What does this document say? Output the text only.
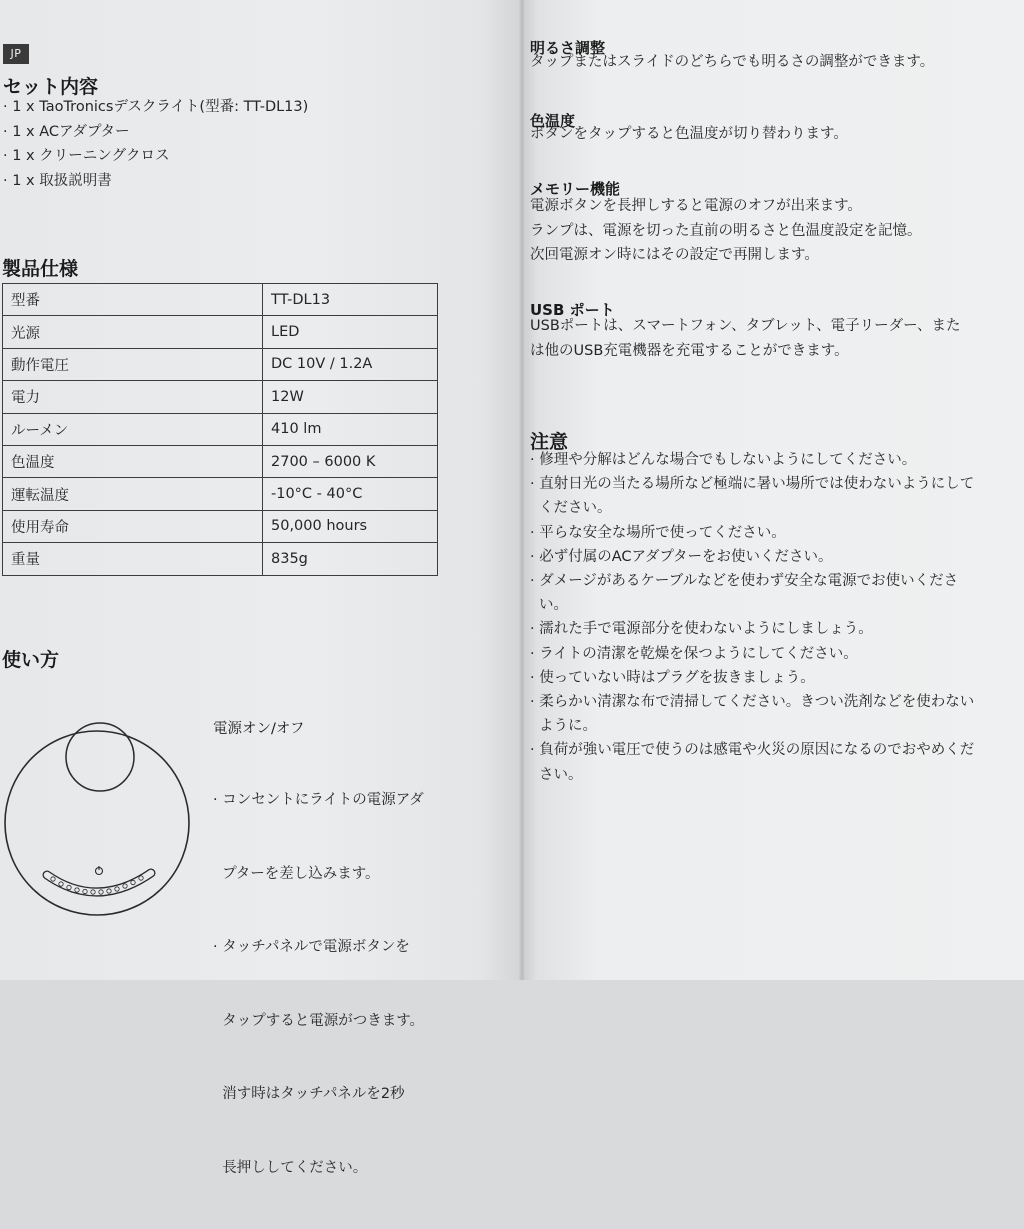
JP
セット内容
· 1 x TaoTronicsデスクライト(型番: TT-DL13)
· 1 x ACアダプター
· 1 x クリーニングクロス
· 1 x 取扱説明書
製品仕様
型番	TT-DL13
光源	LED
動作電圧	DC 10V / 1.2A
電力	12W
ルーメン	410 lm
色温度	2700 – 6000 K
運転温度	-10°C - 40°C
使用寿命	50,000 hours
重量	835g
使い方
電源オン/オフ

· コンセントにライトの電源アダ

プターを差し込みます。

· タッチパネルで電源ボタンを

タップすると電源がつきます。

消す時はタッチパネルを2秒

長押ししてください。

明るさ調整
タップまたはスライドのどちらでも明るさの調整ができます。
色温度
ボタンをタップすると色温度が切り替わります。
メモリー機能
電源ボタンを長押しすると電源のオフが出来ます。
ランプは、電源を切った直前の明るさと色温度設定を記憶。
次回電源オン時にはその設定で再開します。
USB ポート
USBポートは、スマートフォン、タブレット、電子リーダー、また
は他のUSB充電機器を充電することができます。
注意
· 修理や分解はどんな場合でもしないようにしてください。
· 直射日光の当たる場所など極端に暑い場所では使わないようにしてください。
· 平らな安全な場所で使ってください。
· 必ず付属のACアダプターをお使いください。
· ダメージがあるケーブルなどを使わず安全な電源でお使いください。
· 濡れた手で電源部分を使わないようにしましょう。
· ライトの清潔を乾燥を保つようにしてください。
· 使っていない時はプラグを抜きましょう。
· 柔らかい清潔な布で清掃してください。きつい洗剤などを使わないように。
· 負荷が強い電圧で使うのは感電や火災の原因になるのでおやめください。
